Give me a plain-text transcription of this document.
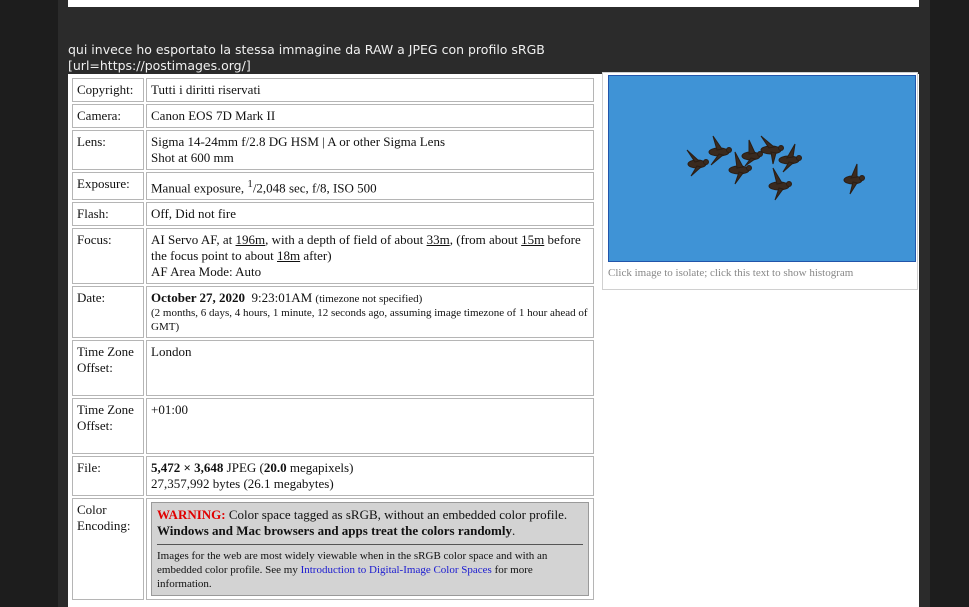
qui invece ho esportato la stessa immagine da RAW a JPEG con profilo sRGB
[url=https://postimages.org/]
Copyright:	Tutti i diritti riservati
Camera:	Canon EOS 7D Mark II
Lens:	Sigma 14-24mm f/2.8 DG HSM | A or other Sigma Lens
Shot at 600 mm

Exposure:	Manual exposure, $^1$/2,048 sec, f/8, ISO 500
Flash:	Off, Did not fire
Focus:	AI Servo AF, at 196m, with a depth of field of about 33m, (from about 15m before the focus point to about 18m after)
AF Area Mode: Auto

Date:	October 27, 2020  9:23:01AM (timezone not specified)
(2 months, 6 days, 4 hours, 1 minute, 12 seconds ago, assuming image timezone of 1 hour ahead of GMT)

Time Zone Offset:	London
Time Zone Offset:	+01:00
File:	5,472 × 3,648 JPEG (20.0 megapixels)
27,357,992 bytes (26.1 megabytes)

Color Encoding:	WARNING: Color space tagged as sRGB, without an embedded color profile. Windows and Mac browsers and apps treat the colors randomly.
Images for the web are most widely viewable when in the sRGB color space and with an embedded color profile. See my Introduction to Digital-Image Color Spaces for more information.
Click image to isolate; click this text to show histogram
